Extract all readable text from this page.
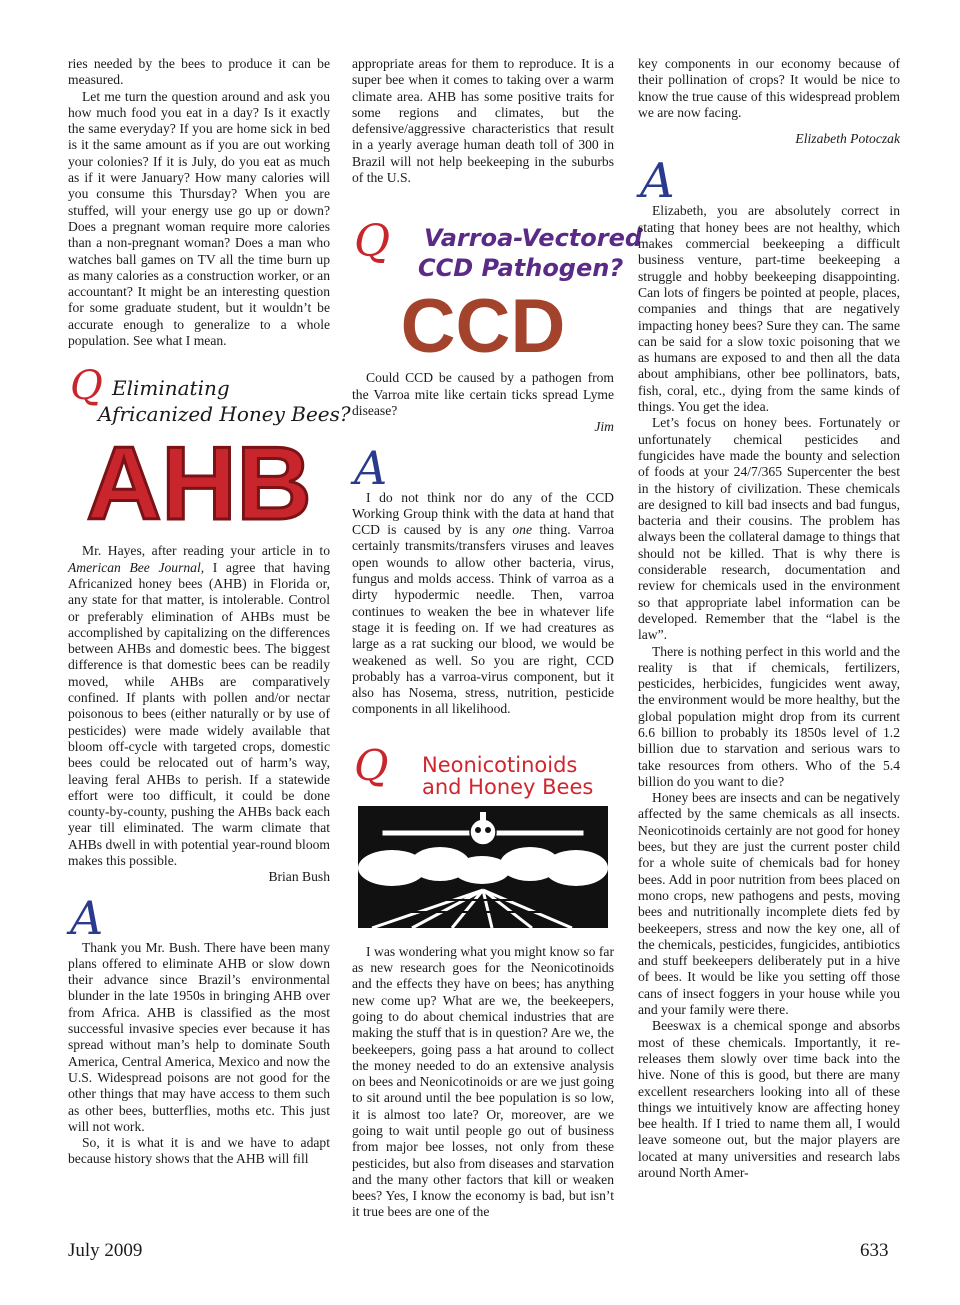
ries needed by the bees to produce it can be measured.

Let me turn the question around and ask you how much food you eat in a day? Is it exactly the same everyday? If you are home sick in bed is it the same amount as if you are out working your colonies? If it is July, do you eat as much as if it were January? How many calories will you consume this Thursday? When you are stuffed, will your energy use go up or down? Does a pregnant woman require more calories than a non-pregnant woman? Does a man who watches ball games on TV all the time burn up as many calories as a construction worker, or an accountant? It might be an interesting question for some graduate student, but it wouldn’t be accurate enough to generalize to a whole population. See what I mean.

Q Eliminating
Africanized Honey Bees?
AHB

Mr. Hayes, after reading your article in to American Bee Journal, I agree that having Africanized honey bees (AHB) in Florida or, any state for that matter, is intolerable. Control or preferably elimination of AHBs must be accomplished by capitalizing on the differences between AHBs and domestic bees. The biggest difference is that domestic bees can be readily moved, while AHBs are comparatively confined. If plants with pollen and/or nectar poisonous to bees (either naturally or by use of pesticides) were made widely available that bloom off-cycle with targeted crops, domestic bees could be relocated out of harm’s way, leaving feral AHBs to perish. If a statewide effort were too difficult, it could be done county-by-county, pushing the AHBs back each year till eliminated. The warm climate that AHBs dwell in with potential year-round bloom makes this possible.

Brian Bush

A

Thank you Mr. Bush. There have been many plans offered to eliminate AHB or slow down their advance since Brazil’s environmental blunder in the late 1950s in bringing AHB over from Africa. AHB is classified as the most successful invasive species ever because it has spread without man’s help to dominate South America, Central America, Mexico and now the U.S. Widespread poisons are not good for the other things that may have access to them such as other bees, butterflies, moths etc. This just will not work.

So, it is what it is and we have to adapt because history shows that the AHB will fill

appropriate areas for them to reproduce. It is a super bee when it comes to taking over a warm climate area. AHB has some positive traits for some regions and climates, but the defensive/aggressive characteristics that result in a yearly average human death toll of 300 in Brazil will not help beekeeping in the suburbs of the U.S.

Q Varroa-Vectored
CCD Pathogen?
CCD

Could CCD be caused by a pathogen from the Varroa mite like certain ticks spread Lyme disease?

Jim

A

I do not think nor do any of the CCD Working Group think with the data at hand that CCD is caused by is any one thing. Varroa certainly transmits/transfers viruses and leaves open wounds to allow other bacteria, virus, fungus and molds access. Think of varroa as a dirty hypodermic needle. Then, varroa continues to weaken the bee in whatever life stage it is feeding on. If we had creatures as large as a rat sucking our blood, we would be weakened as well. So you are right, CCD probably has a varroa-virus component, but it also has Nosema, stress, nutrition, pesticide components in all likelihood.

Q Neonicotinoids
and Honey Bees

I was wondering what you might know so far as new research goes for the Neonicotinoids and the effects they have on bees; has anything new come up? What are we, the beekeepers, going to do about chemical industries that are making the stuff that is in question? Are we, the beekeepers, going pass a hat around to collect the money needed to do an extensive analysis on bees and Neonicotinoids or are we just going to sit around until the bee population is so low, it is almost too late? Or, moreover, are we going to wait until people go out of business from major bee losses, not only from these pesticides, but also from diseases and starvation and the many other factors that kill or weaken bees? Yes, I know the economy is bad, but isn’t it true bees are one of the

key components in our economy because of their pollination of crops? It would be nice to know the true cause of this widespread problem we are now facing.

Elizabeth Potoczak

A

Elizabeth, you are absolutely correct in stating that honey bees are not healthy, which makes commercial beekeeping a difficult business venture, part-time beekeeping a struggle and hobby beekeeping disappointing. Can lots of fingers be pointed at people, places, companies and things that are negatively impacting honey bees? Sure they can. The same can be said for a slow toxic poisoning that we as humans are exposed to and then all the data about amphibians, other bee pollinators, bats, fish, coral, etc., dying from the same kinds of things. You get the idea.

Let’s focus on honey bees. Fortunately or unfortunately chemical pesticides and fungicides have made the bounty and selection of foods at your 24/7/365 Supercenter the best in the history of civilization. These chemicals are designed to kill bad insects and bad fungus, bacteria and their cousins. The problem has always been the collateral damage to things that should not be killed. That is why there is considerable research, documentation and review for chemicals used in the environment so that appropriate label information can be developed. Remember that the “label is the law”.

There is nothing perfect in this world and the reality is that if chemicals, fertilizers, pesticides, herbicides, fungicides went away, the environment would be more healthy, but the global population might drop from its current 6.6 billion to probably its 1850s level of 1.2 billion due to starvation and serious wars to take resources from others. Who of the 5.4 billion do you want to die?

Honey bees are insects and can be negatively affected by the same chemicals as all insects. Neonicotinoids certainly are not good for honey bees, but they are just the current poster child for a whole suite of chemicals bad for honey bees. Add in poor nutrition from bees placed on mono crops, new pathogens and pests, moving bees and nutritionally incomplete diets fed by beekeepers, stress and now the key one, all of the chemicals, pesticides, fungicides, antibiotics and stuff beekeepers deliberately put in a hive of bees. It would be like you setting off those cans of insect foggers in your house while you and your family were there.

Beeswax is a chemical sponge and absorbs most of these chemicals. Importantly, it re-releases them slowly over time back into the hive. None of this is good, but there are many excellent researchers looking into all of these things we intuitively know are affecting honey bee health. If I tried to name them all, I would leave someone out, but the major players are located at many universities and research labs around North Amer-

July 2009	633
